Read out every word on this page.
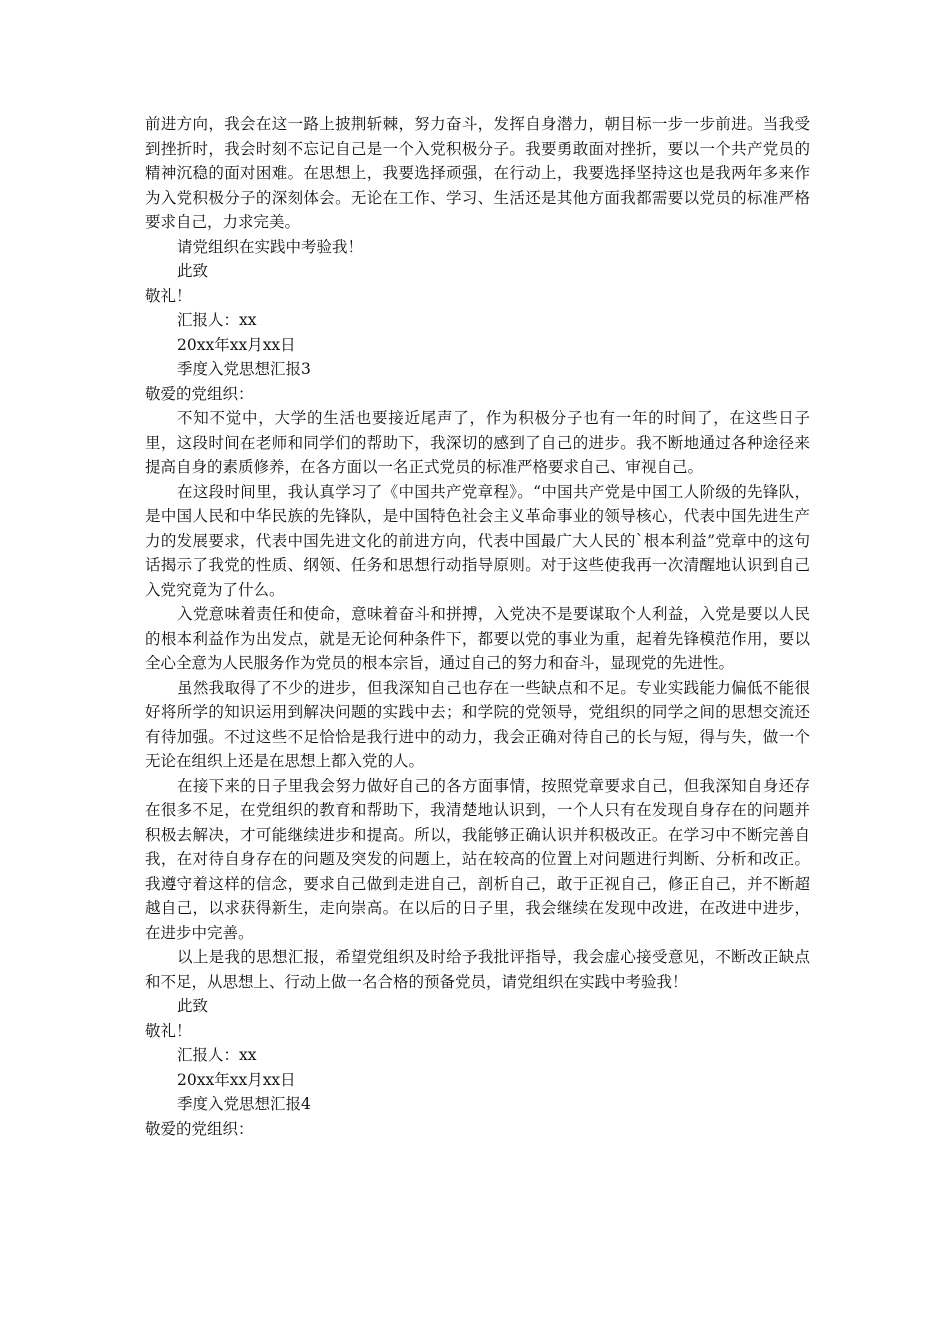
前进方向，我会在这一路上披荆斩棘，努力奋斗，发挥自身潜力，朝目标一步一步前进。当我受到挫折时，我会时刻不忘记自己是一个入党积极分子。我要勇敢面对挫折，要以一个共产党员的精神沉稳的面对困难。在思想上，我要选择顽强，在行动上，我要选择坚持这也是我两年多来作为入党积极分子的深刻体会。无论在工作、学习、生活还是其他方面我都需要以党员的标准严格要求自己，力求完美。

请党组织在实践中考验我！

此致

敬礼！

汇报人：xx

20xx年xx月xx日

季度入党思想汇报3

敬爱的党组织：

不知不觉中，大学的生活也要接近尾声了，作为积极分子也有一年的时间了，在这些日子里，这段时间在老师和同学们的帮助下，我深切的感到了自己的进步。我不断地通过各种途径来提高自身的素质修养，在各方面以一名正式党员的标准严格要求自己、审视自己。

在这段时间里，我认真学习了《中国共产党章程》。“中国共产党是中国工人阶级的先锋队，是中国人民和中华民族的先锋队，是中国特色社会主义革命事业的领导核心，代表中国先进生产力的发展要求，代表中国先进文化的前进方向，代表中国最广大人民的`根本利益”党章中的这句话揭示了我党的性质、纲领、任务和思想行动指导原则。对于这些使我再一次清醒地认识到自己入党究竟为了什么。

入党意味着责任和使命，意味着奋斗和拼搏，入党决不是要谋取个人利益，入党是要以人民的根本利益作为出发点，就是无论何种条件下，都要以党的事业为重，起着先锋模范作用，要以全心全意为人民服务作为党员的根本宗旨，通过自己的努力和奋斗，显现党的先进性。

虽然我取得了不少的进步，但我深知自己也存在一些缺点和不足。专业实践能力偏低不能很好将所学的知识运用到解决问题的实践中去；和学院的党领导，党组织的同学之间的思想交流还有待加强。不过这些不足恰恰是我行进中的动力，我会正确对待自己的长与短，得与失，做一个无论在组织上还是在思想上都入党的人。

在接下来的日子里我会努力做好自己的各方面事情，按照党章要求自己，但我深知自身还存在很多不足，在党组织的教育和帮助下，我清楚地认识到，一个人只有在发现自身存在的问题并积极去解决，才可能继续进步和提高。所以，我能够正确认识并积极改正。在学习中不断完善自我，在对待自身存在的问题及突发的问题上，站在较高的位置上对问题进行判断、分析和改正。我遵守着这样的信念，要求自己做到走进自己，剖析自己，敢于正视自己，修正自己，并不断超越自己，以求获得新生，走向崇高。在以后的日子里，我会继续在发现中改进，在改进中进步，在进步中完善。

以上是我的思想汇报，希望党组织及时给予我批评指导，我会虚心接受意见，不断改正缺点和不足，从思想上、行动上做一名合格的预备党员，请党组织在实践中考验我！

此致

敬礼！

汇报人：xx

20xx年xx月xx日

季度入党思想汇报4

敬爱的党组织：
